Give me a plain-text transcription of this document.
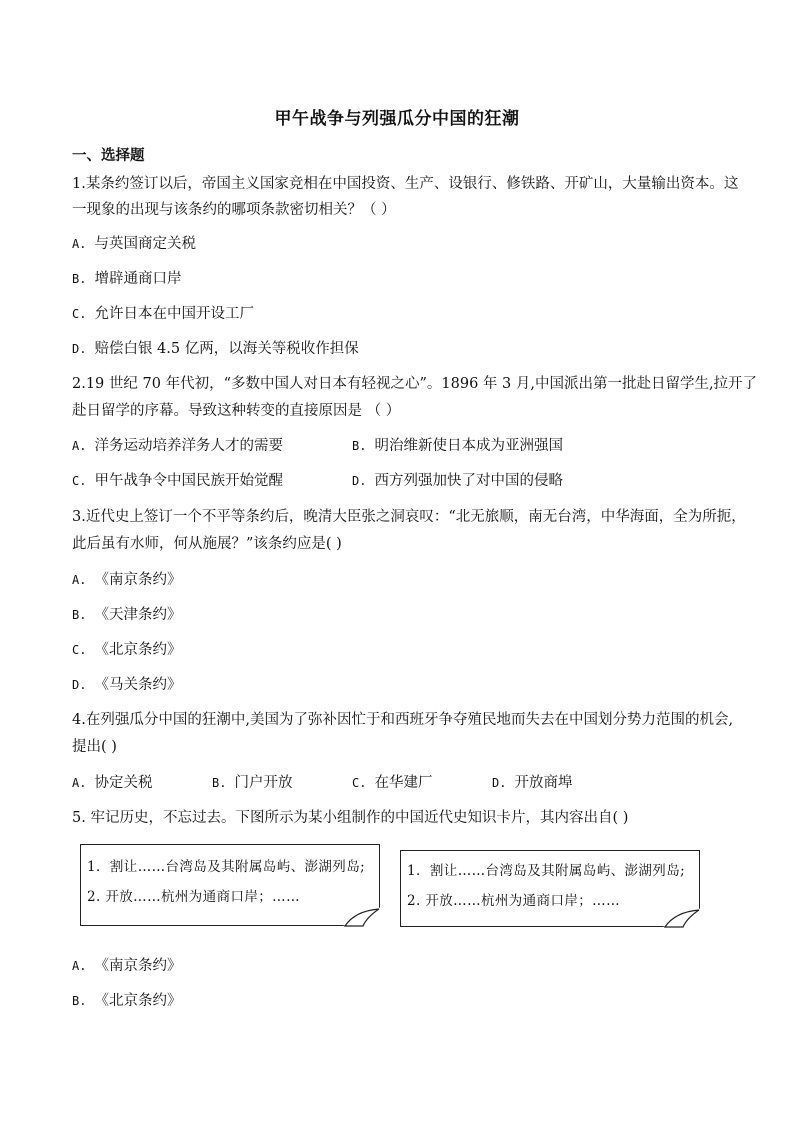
甲午战争与列强瓜分中国的狂潮
一、选择题
1.某条约签订以后，帝国主义国家竞相在中国投资、生产、设银行、修铁路、开矿山，大量输出资本。这
一现象的出现与该条约的哪项条款密切相关？（ ）
A. 与英国商定关税
B. 增辟通商口岸
C. 允许日本在中国开设工厂
D. 赔偿白银 4.5 亿两，以海关等税收作担保
2.19 世纪 70 年代初，“多数中国人对日本有轻视之心”。1896 年 3 月,中国派出第一批赴日留学生,拉开了
赴日留学的序幕。导致这种转变的直接原因是 （ ）
A. 洋务运动培养洋务人才的需要	B. 明治维新使日本成为亚洲强国
C. 甲午战争令中国民族开始觉醒	D. 西方列强加快了对中国的侵略
3.近代史上签订一个不平等条约后，晚清大臣张之洞哀叹：“北无旅顺，南无台湾，中华海面，全为所扼，
此后虽有水师，何从施展？”该条约应是( )
A. 《南京条约》
B. 《天津条约》
C. 《北京条约》
D. 《马关条约》
4.在列强瓜分中国的狂潮中,美国为了弥补因忙于和西班牙争夺殖民地而失去在中国划分势力范围的机会,
提出( )
A. 协定关税	B. 门户开放	C. 在华建厂	D. 开放商埠
5. 牢记历史，不忘过去。下图所示为某小组制作的中国近代史知识卡片，其内容出自( )
1．割让……台湾岛及其附属岛屿、澎湖列岛;
2. 开放……杭州为通商口岸；……
1．割让……台湾岛及其附属岛屿、澎湖列岛;
2. 开放……杭州为通商口岸；……
A. 《南京条约》
B. 《北京条约》
